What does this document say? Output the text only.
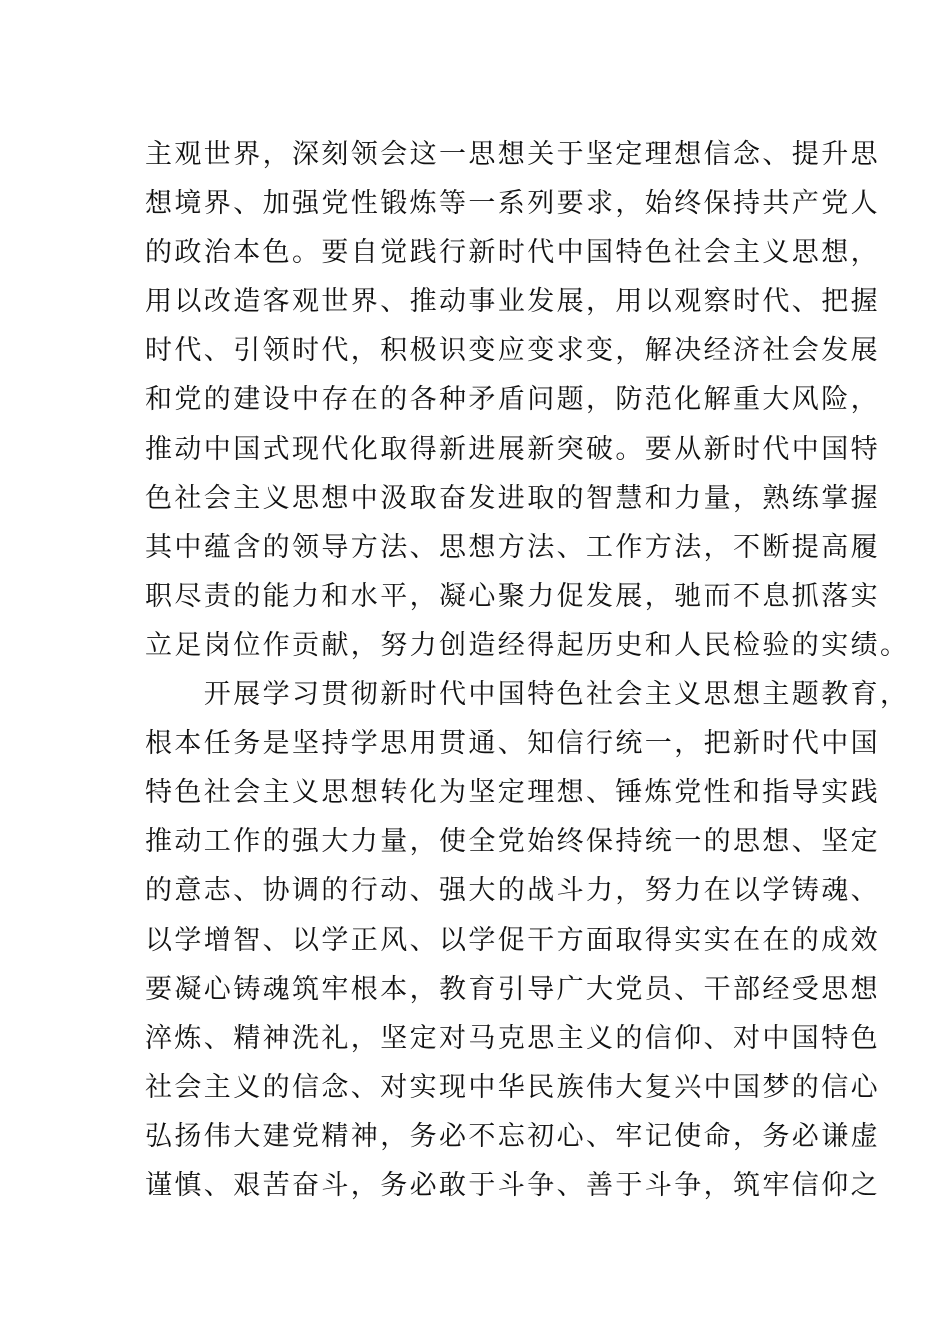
主观世界，深刻领会这一思想关于坚定理想信念、提升思
想境界、加强党性锻炼等一系列要求，始终保持共产党人
的政治本色。要自觉践行新时代中国特色社会主义思想，
用以改造客观世界、推动事业发展，用以观察时代、把握
时代、引领时代，积极识变应变求变，解决经济社会发展
和党的建设中存在的各种矛盾问题，防范化解重大风险，
推动中国式现代化取得新进展新突破。要从新时代中国特
色社会主义思想中汲取奋发进取的智慧和力量，熟练掌握
其中蕴含的领导方法、思想方法、工作方法，不断提高履
职尽责的能力和水平，凝心聚力促发展，驰而不息抓落实
立足岗位作贡献，努力创造经得起历史和人民检验的实绩。
　　开展学习贯彻新时代中国特色社会主义思想主题教育，
根本任务是坚持学思用贯通、知信行统一，把新时代中国
特色社会主义思想转化为坚定理想、锤炼党性和指导实践
推动工作的强大力量，使全党始终保持统一的思想、坚定
的意志、协调的行动、强大的战斗力，努力在以学铸魂、
以学增智、以学正风、以学促干方面取得实实在在的成效
要凝心铸魂筑牢根本，教育引导广大党员、干部经受思想
淬炼、精神洗礼，坚定对马克思主义的信仰、对中国特色
社会主义的信念、对实现中华民族伟大复兴中国梦的信心
弘扬伟大建党精神，务必不忘初心、牢记使命，务必谦虚
谨慎、艰苦奋斗，务必敢于斗争、善于斗争，筑牢信仰之
